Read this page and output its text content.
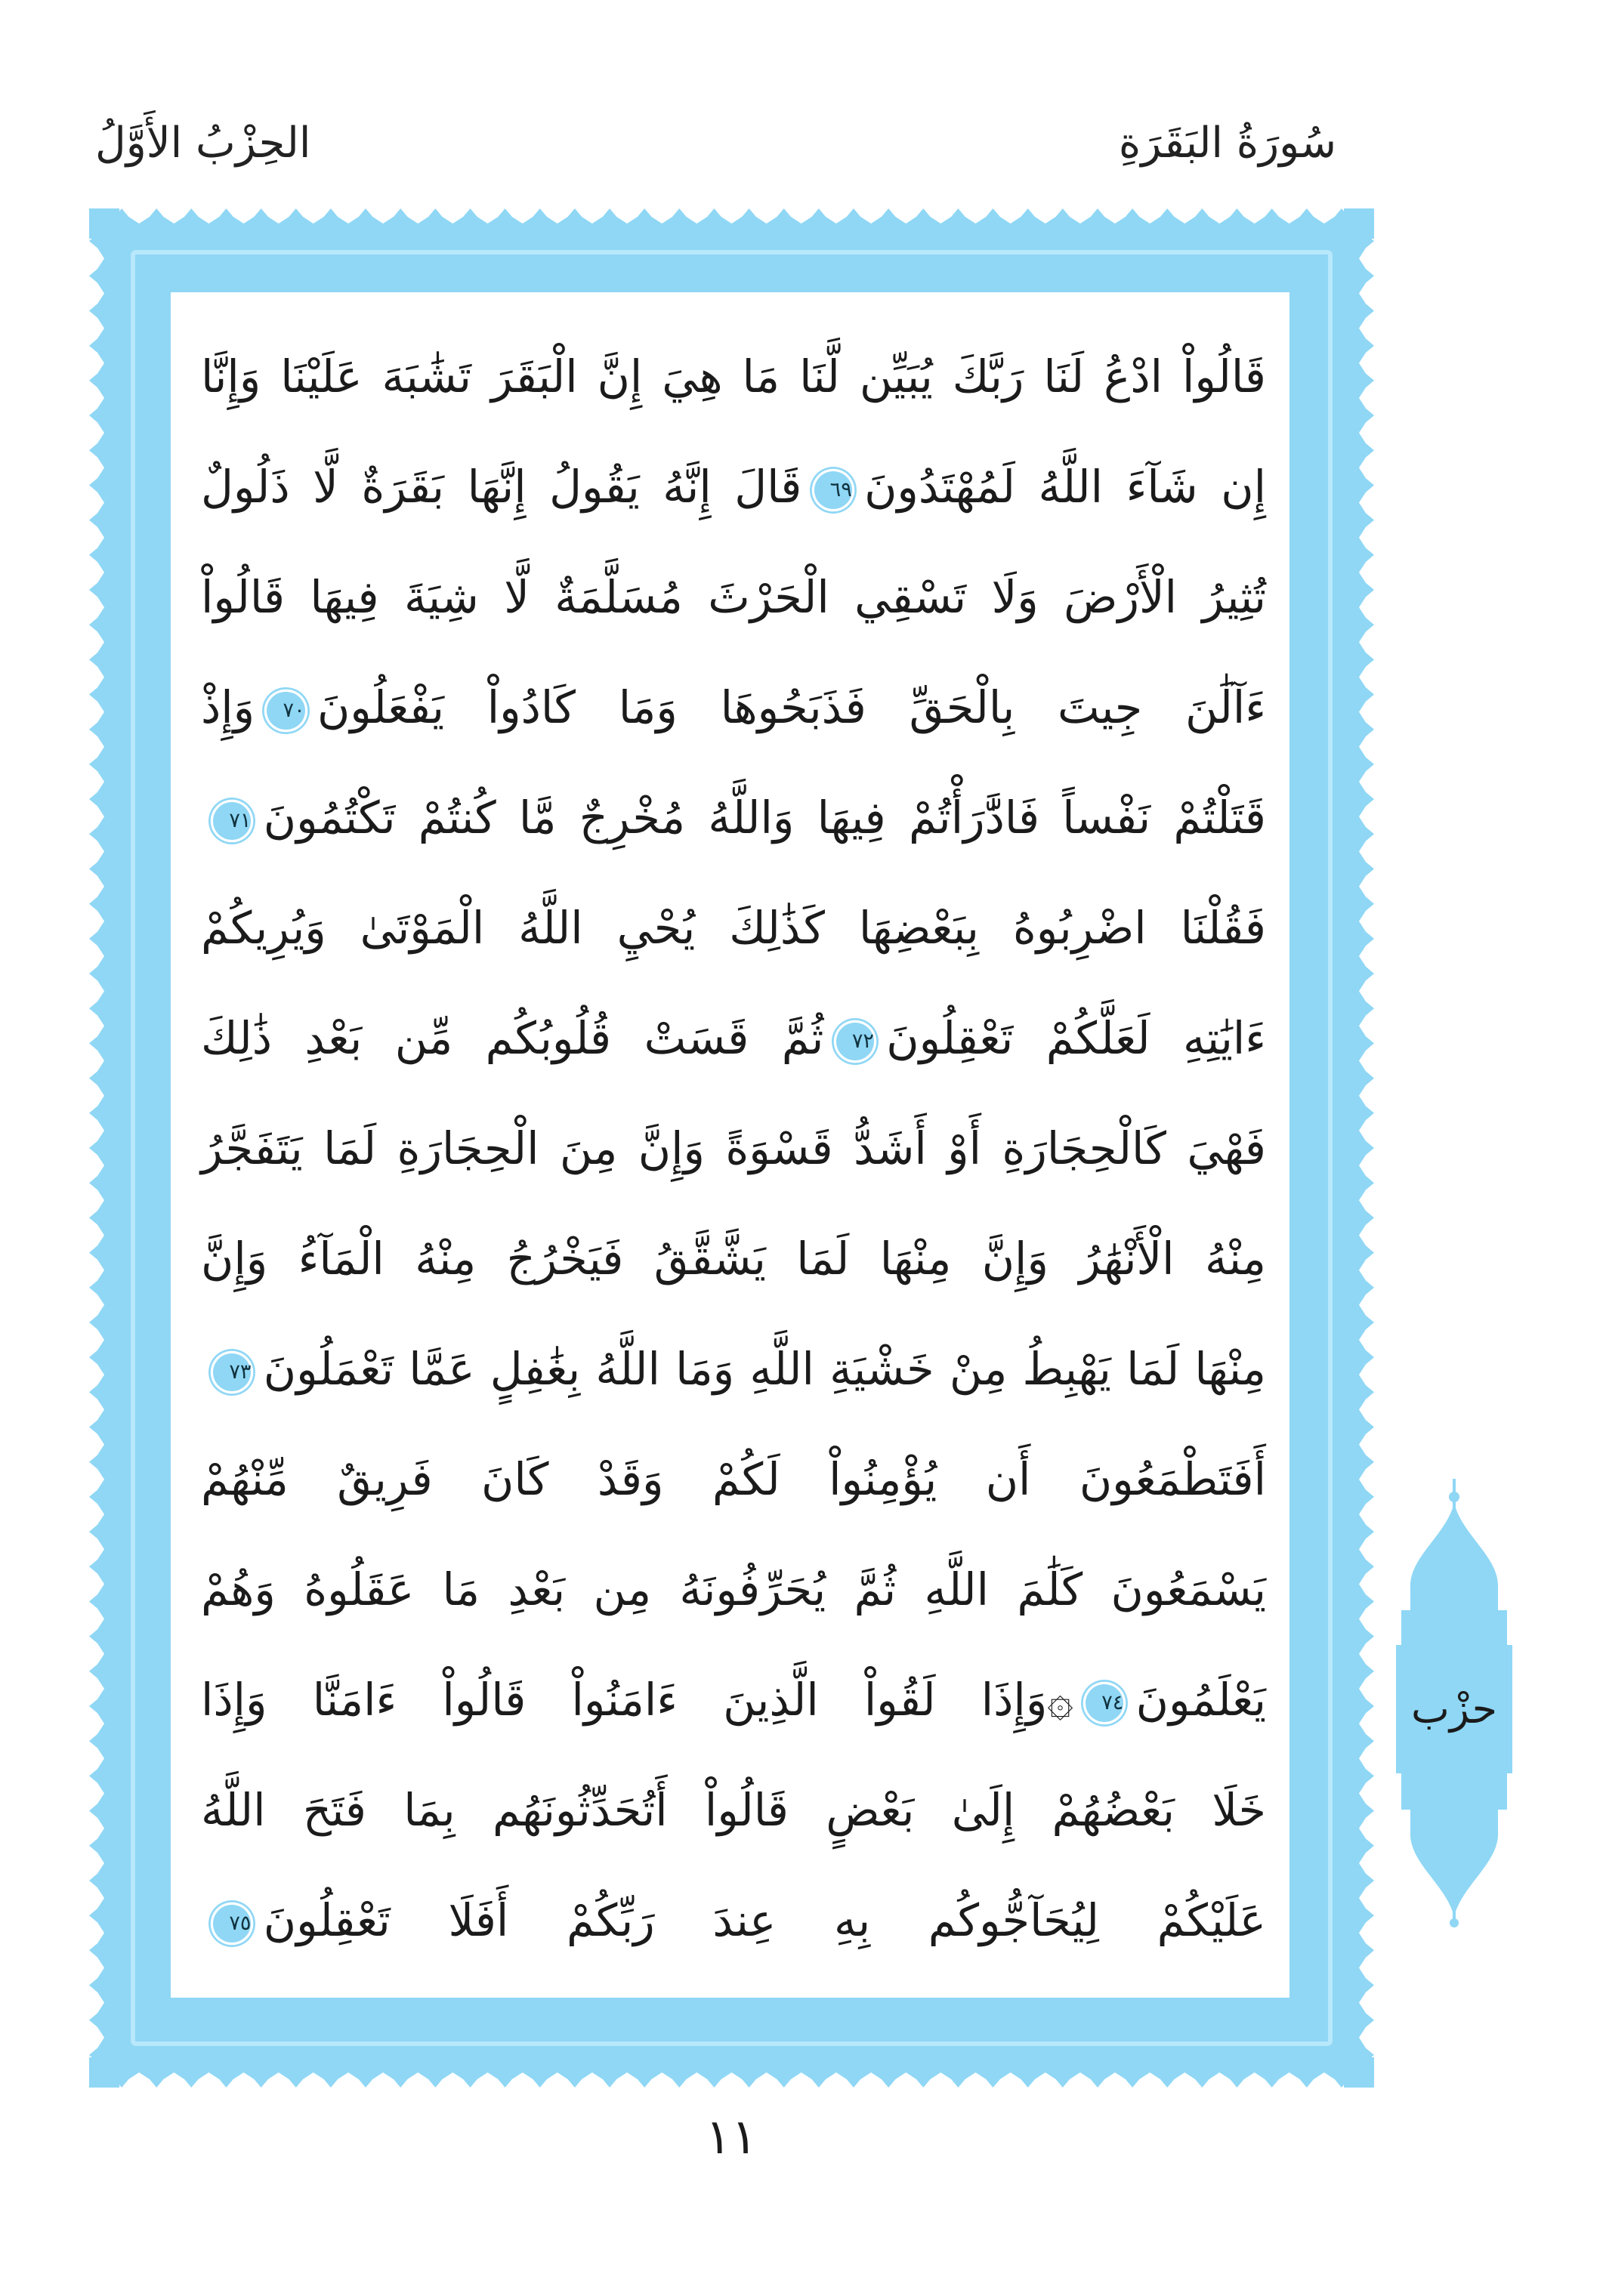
سُورَةُ البَقَرَةِ
الحِزْبُ الأَوَّلُ
قَالُواْ ادْعُ لَنَا رَبَّكَ يُبَيِّن لَّنَا مَا هِيَ إِنَّ الْبَقَرَ تَشَٰبَهَ عَلَيْنَا وَإِنَّا
إِن شَآءَ اللَّهُ لَمُهْتَدُونَ٦٩قَالَ إِنَّهُ يَقُولُ إِنَّهَا بَقَرَةٌ لَّا ذَلُولٌ
تُثِيرُ الْأَرْضَ وَلَا تَسْقِي الْحَرْثَ مُسَلَّمَةٌ لَّا شِيَةَ فِيهَا قَالُواْ
ءَآلَٰنَ جِيتَ بِالْحَقِّ فَذَبَحُوهَا وَمَا كَادُواْ يَفْعَلُونَ٧٠وَإِذْ
قَتَلْتُمْ نَفْساً فَادَّٰرَأْتُمْ فِيهَا وَاللَّهُ مُخْرِجٌ مَّا كُنتُمْ تَكْتُمُونَ٧١
فَقُلْنَا اضْرِبُوهُ بِبَعْضِهَا كَذَٰلِكَ يُحْيِ اللَّهُ الْمَوْتَىٰ وَيُرِيكُمْ
ءَايَٰتِهِ لَعَلَّكُمْ تَعْقِلُونَ٧٢ثُمَّ قَسَتْ قُلُوبُكُم مِّن بَعْدِ ذَٰلِكَ
فَهْيَ كَالْحِجَارَةِ أَوْ أَشَدُّ قَسْوَةً وَإِنَّ مِنَ الْحِجَارَةِ لَمَا يَتَفَجَّرُ
مِنْهُ الْأَنْهَٰرُ وَإِنَّ مِنْهَا لَمَا يَشَّقَّقُ فَيَخْرُجُ مِنْهُ الْمَآءُ وَإِنَّ
مِنْهَا لَمَا يَهْبِطُ مِنْ خَشْيَةِ اللَّهِ وَمَا اللَّهُ بِغَٰفِلٍ عَمَّا تَعْمَلُونَ٧٣
أَفَتَطْمَعُونَ أَن يُؤْمِنُواْ لَكُمْ وَقَدْ كَانَ فَرِيقٌ مِّنْهُمْ
يَسْمَعُونَ كَلَٰمَ اللَّهِ ثُمَّ يُحَرِّفُونَهُ مِن بَعْدِ مَا عَقَلُوهُ وَهُمْ
يَعْلَمُونَ٧٤۞وَإِذَا لَقُواْ الَّذِينَ ءَامَنُواْ قَالُواْ ءَامَنَّا وَإِذَا
خَلَا بَعْضُهُمْ إِلَىٰ بَعْضٍ قَالُواْ أَتُحَدِّثُونَهُم بِمَا فَتَحَ اللَّهُ
عَلَيْكُمْ لِيُحَآجُّوكُم بِهِ عِندَ رَبِّكُمْ أَفَلَا تَعْقِلُونَ٧٥
حزْب
١١
